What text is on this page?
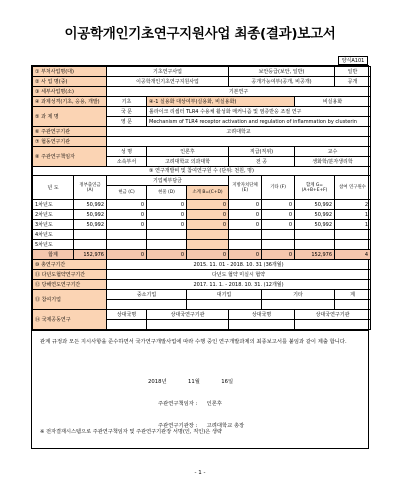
이공학개인기초연구지원사업 최종(결과)보고서
양식A101
① 부처사업명(대)		기초연구사업			보안등급(보안, 일반)			일반
② 사 업 명(중)		이공학개인기초연구지원사업			공개가능여부(공개, 비공개)			공개
③ 세부사업명(소)		기본연구						
④ 과제성격(기초, 응용, 개발)		기초	④-1 실용화 대상여부(실용화, 비실용화)				비실용화	
⑤ 과 제 명		국 문	톨라이크 리셉터 TLR4 수용체 활성화 매커니즘 및 염증반응 조절 연구					
		영 문	Mechanism of TLR4 receptor activation and regulation of inflammation by clusterin					
⑥ 주관연구기관		고려대학교						
⑦ 협동연구기관								
⑧ 주관연구책임자		성 명	인론후		직급(직위)		교수	
		소속부서	고려대학교 의과대학		전 공		생화학/분자생리학	
⑨ 연구개발비 및 참여연구원 수 (단위: 천원, 명)								
년 도	정부출연금 (A)	기업체부담금			지방자치단체 (E)	기타 (F)	합계 G=(A+B+E+F)	참여 연구원수
		현금 (C)	현물 (D)	소계 B=(C+D)				
1차년도	50,992	0	0	0	0	0	50,992	2
2차년도	50,992	0	0	0	0	0	50,992	1
3차년도	50,992	0	0	0	0	0	50,992	1
4차년도								
5차년도								
합계	152,976	0	0	0	0	0	152,976	4
⑩ 총연구기간		2015. 11. 01 - 2018. 10. 31 (36개월)						
⑪ 다년도협약연구기간		다년도 협약 미실시 협약						
⑫ 당해연도연구기간		2017. 11. 1. - 2018. 10. 31. (12개월)						
⑬ 참여기업		중소기업		대기업		기타		계

⑭ 국제공동연구		상대국명	상대국연구기관		상대국명		상대국연구기관	

관계 규정과 모든 지시사항을 준수하면서 국가연구개발사업에 따라 수행 중인 연구개발과제의 최종보고서를 붙임과 같이 제출 합니다.

2018년	11월	16일
주관연구책임자 : 인론후
주관연구기관장 : 고려대학교 총장
※ 전자결재시스템으로 주관연구책임자 및 주관연구기관장 서명(인, 직인)은 생략
- 1 -
